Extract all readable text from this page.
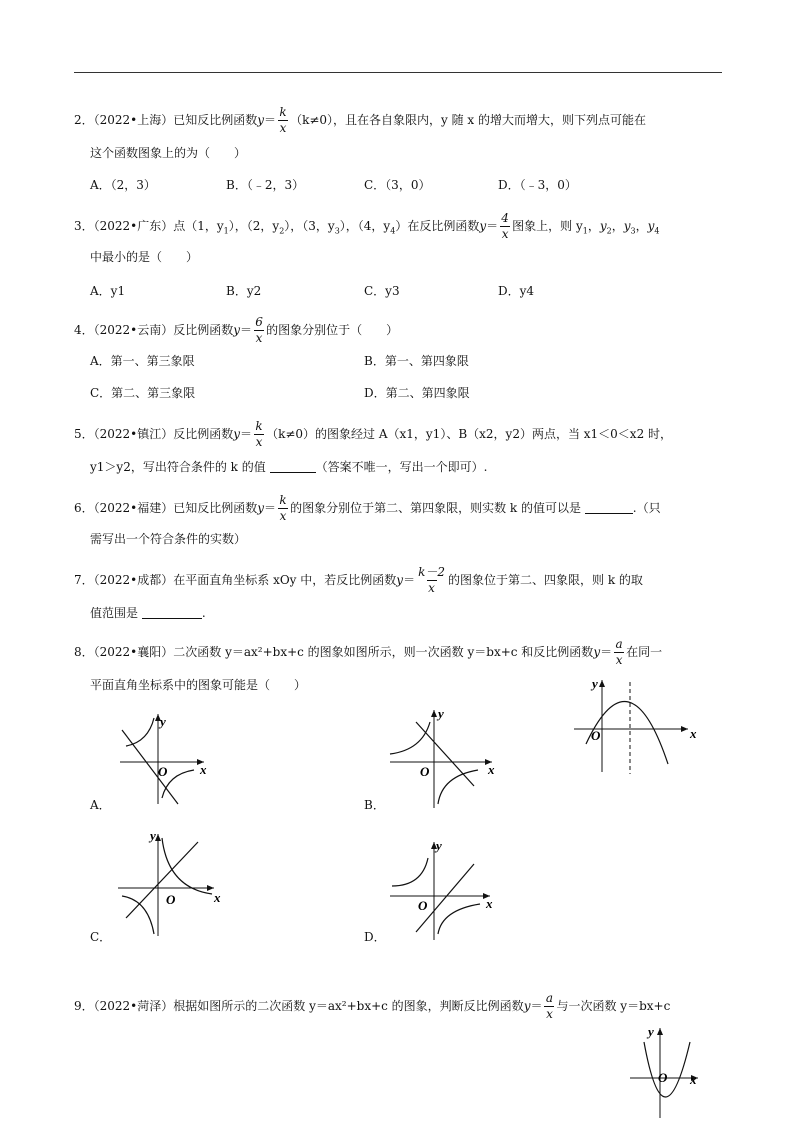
2．（2022•上海）已知反比例函数$y= \frac{k}{x} (k\ne 0)$，且在各自象限内，y 随 x 的增大而增大，则下列点可能在
这个函数图象上的为（　　）
A．（2，3）	B．（﹣2，3）	C．（3，0）	D．（﹣3，0）
3．（2022•广东）点（1，$y_1$），（2，$y_2$），（3，$y_3$），（4，$y_4$）在反比例函数$y= \frac{4}{x}$ 图象上，则 $y_1$，$y_2$，$y_3$，$y_4$
中最小的是（　　）
A．y1	B．y2	C．y3	D．y4
4．（2022•云南）反比例函数$y= \frac{6}{x}$ 的图象分别位于（　　）
A．第一、第三象限	B．第一、第四象限
C．第二、第三象限	D．第二、第四象限
5．（2022•镇江）反比例函数$y= \frac{k}{x} (k\ne 0)$的图象经过 A（x1，y1）、B（x2，y2）两点，当 x1＜0＜x2 时，
y1＞y2，写出符合条件的 k 的值	（答案不唯一，写出一个即可）.
6．（2022•福建）已知反比例函数$y= \frac{k}{x}$ 的图象分别位于第二、第四象限，则实数 k 的值可以是	.（只
需写出一个符合条件的实数）
7．（2022•成都）在平面直角坐标系 xOy 中，若反比例函数$y= \frac{k-2}{x}$ 的图象位于第二、四象限，则 k 的取
值范围是	.
8．（2022•襄阳）二次函数 y＝ax²+bx+c 的图象如图所示，则一次函数 y＝bx+c 和反比例函数$y= \frac{a}{x}$ 在同一
平面直角坐标系中的图象可能是（　　）	y
x
O
y
x
O
A．
y
x
O
B．
y
x
O
C．
y
x
O
D．
9．（2022•菏泽）根据如图所示的二次函数 y＝ax²+bx+c 的图象，判断反比例函数$y= \frac{a}{x}$ 与一次函数 y＝bx+c
y
x
O
